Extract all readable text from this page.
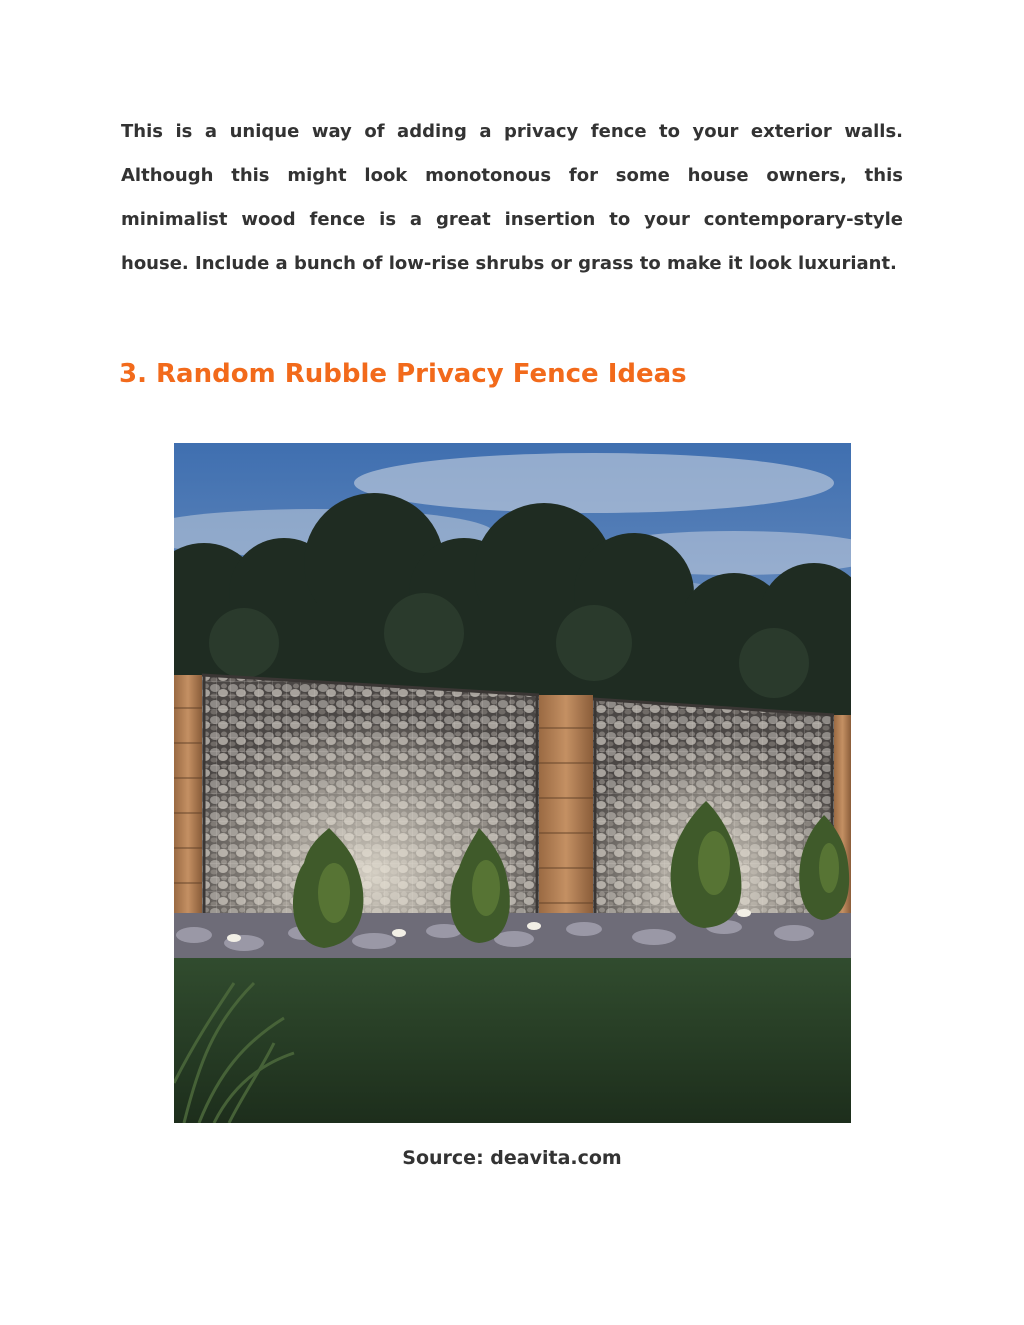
This is a unique way of adding a privacy fence to your exterior walls. Although this might look monotonous for some house owners, this minimalist wood fence is a great insertion to your contemporary-style house. Include a bunch of low-rise shrubs or grass to make it look luxuriant.

3. Random Rubble Privacy Fence Ideas

Source: deavita.com
